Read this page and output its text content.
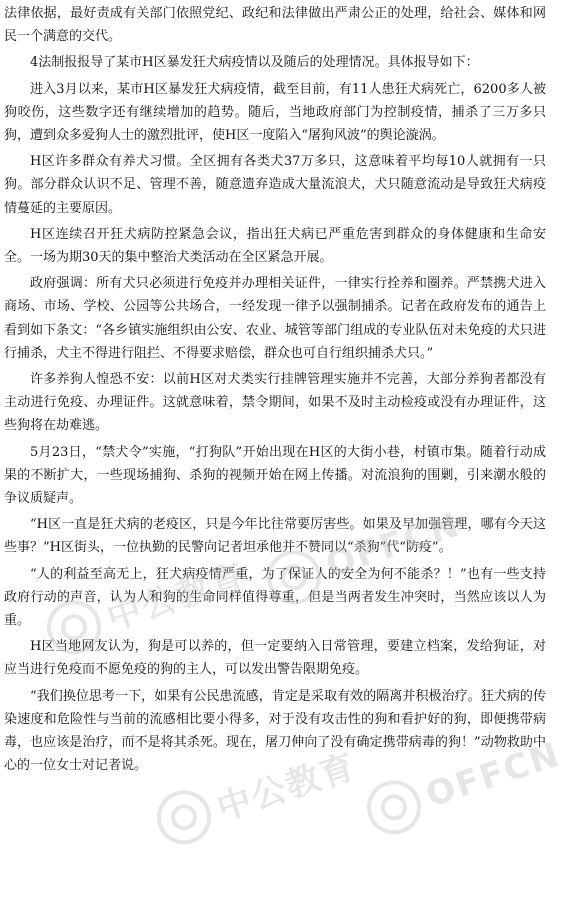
法律依据，最好责成有关部门依照党纪、政纪和法律做出严肃公正的处理，给社会、媒体和网民一个满意的交代。

4法制报报导了某市H区暴发狂犬病疫情以及随后的处理情况。具体报导如下：

进入3月以来，某市H区暴发狂犬病疫情，截至目前，有11人患狂犬病死亡，6200多人被狗咬伤，这些数字还有继续增加的趋势。随后，当地政府部门为控制疫情，捕杀了三万多只狗，遭到众多爱狗人士的激烈批评，使H区一度陷入“屠狗风波”的舆论漩涡。

H区许多群众有养犬习惯。全区拥有各类犬37万多只，这意味着平均每10人就拥有一只狗。部分群众认识不足、管理不善，随意遗弃造成大量流浪犬，犬只随意流动是导致狂犬病疫情蔓延的主要原因。

H区连续召开狂犬病防控紧急会议，指出狂犬病已严重危害到群众的身体健康和生命安全。一场为期30天的集中整治犬类活动在全区紧急开展。

政府强调：所有犬只必须进行免疫并办理相关证件，一律实行拴养和圈养。严禁携犬进入商场、市场、学校、公园等公共场合，一经发现一律予以强制捕杀。记者在政府发布的通告上看到如下条文：“各乡镇实施组织由公安、农业、城管等部门组成的专业队伍对未免疫的犬只进行捕杀，犬主不得进行阻拦、不得要求赔偿，群众也可自行组织捕杀犬只。”

许多养狗人惶恐不安：以前H区对犬类实行挂牌管理实施并不完善，大部分养狗者都没有主动进行免疫、办理证件。这就意味着，禁令期间，如果不及时主动检疫或没有办理证件，这些狗将在劫难逃。

5月23日，“禁犬令”实施，“打狗队”开始出现在H区的大街小巷，村镇市集。随着行动成果的不断扩大，一些现场捕狗、杀狗的视频开始在网上传播。对流浪狗的围剿，引来潮水般的争议质疑声。

“H区一直是狂犬病的老疫区，只是今年比往常要厉害些。如果及早加强管理，哪有今天这些事？”H区街头，一位执勤的民警向记者坦承他并不赞同以“杀狗”代“防疫”。

“人的利益至高无上，狂犬病疫情严重，为了保证人的安全为何不能杀？！”也有一些支持政府行动的声音，认为人和狗的生命同样值得尊重，但是当两者发生冲突时，当然应该以人为重。

H区当地网友认为，狗是可以养的，但一定要纳入日常管理，要建立档案，发给狗证，对应当进行免疫而不愿免疫的狗的主人，可以发出警告限期免疫。

“我们换位思考一下，如果有公民患流感，肯定是采取有效的隔离并积极治疗。狂犬病的传染速度和危险性与当前的流感相比要小得多，对于没有攻击性的狗和看护好的狗，即便携带病毒，也应该是治疗，而不是将其杀死。现在，屠刀伸向了没有确定携带病毒的狗！”动物救助中心的一位女士对记者说。

中公教育
OFFCN
中公教育	OFFCN
